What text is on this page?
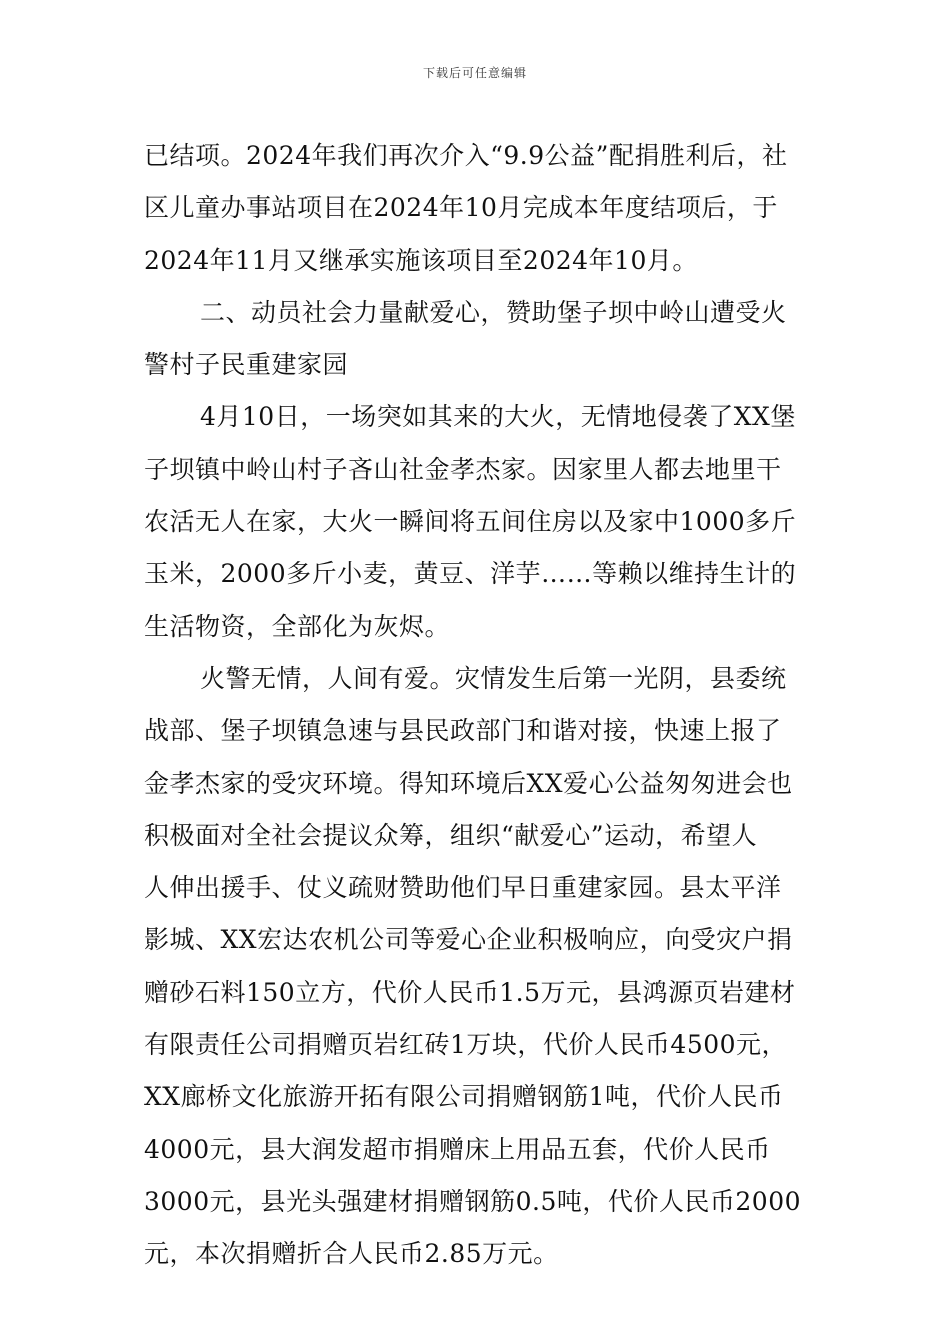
下载后可任意编辑
已结项。2024年我们再次介入“9.9公益”配捐胜利后，社
区儿童办事站项目在2024年10月完成本年度结项后，于
2024年11月又继承实施该项目至2024年10月。
二、动员社会力量献爱心，赞助堡子坝中岭山遭受火
警村子民重建家园
4月10日，一场突如其来的大火，无情地侵袭了XX堡
子坝镇中岭山村子吝山社金孝杰家。因家里人都去地里干
农活无人在家，大火一瞬间将五间住房以及家中1000多斤
玉米，2000多斤小麦，黄豆、洋芋……等赖以维持生计的
生活物资，全部化为灰烬。
火警无情，人间有爱。灾情发生后第一光阴，县委统
战部、堡子坝镇急速与县民政部门和谐对接，快速上报了
金孝杰家的受灾环境。得知环境后XX爱心公益匆匆进会也
积极面对全社会提议众筹，组织“献爱心”运动，希望人
人伸出援手、仗义疏财赞助他们早日重建家园。县太平洋
影城、XX宏达农机公司等爱心企业积极响应，向受灾户捐
赠砂石料150立方，代价人民币1.5万元，县鸿源页岩建材
有限责任公司捐赠页岩红砖1万块，代价人民币4500元，
XX廊桥文化旅游开拓有限公司捐赠钢筋1吨，代价人民币
4000元，县大润发超市捐赠床上用品五套，代价人民币
3000元，县光头强建材捐赠钢筋0.5吨，代价人民币2000
元，本次捐赠折合人民币2.85万元。
